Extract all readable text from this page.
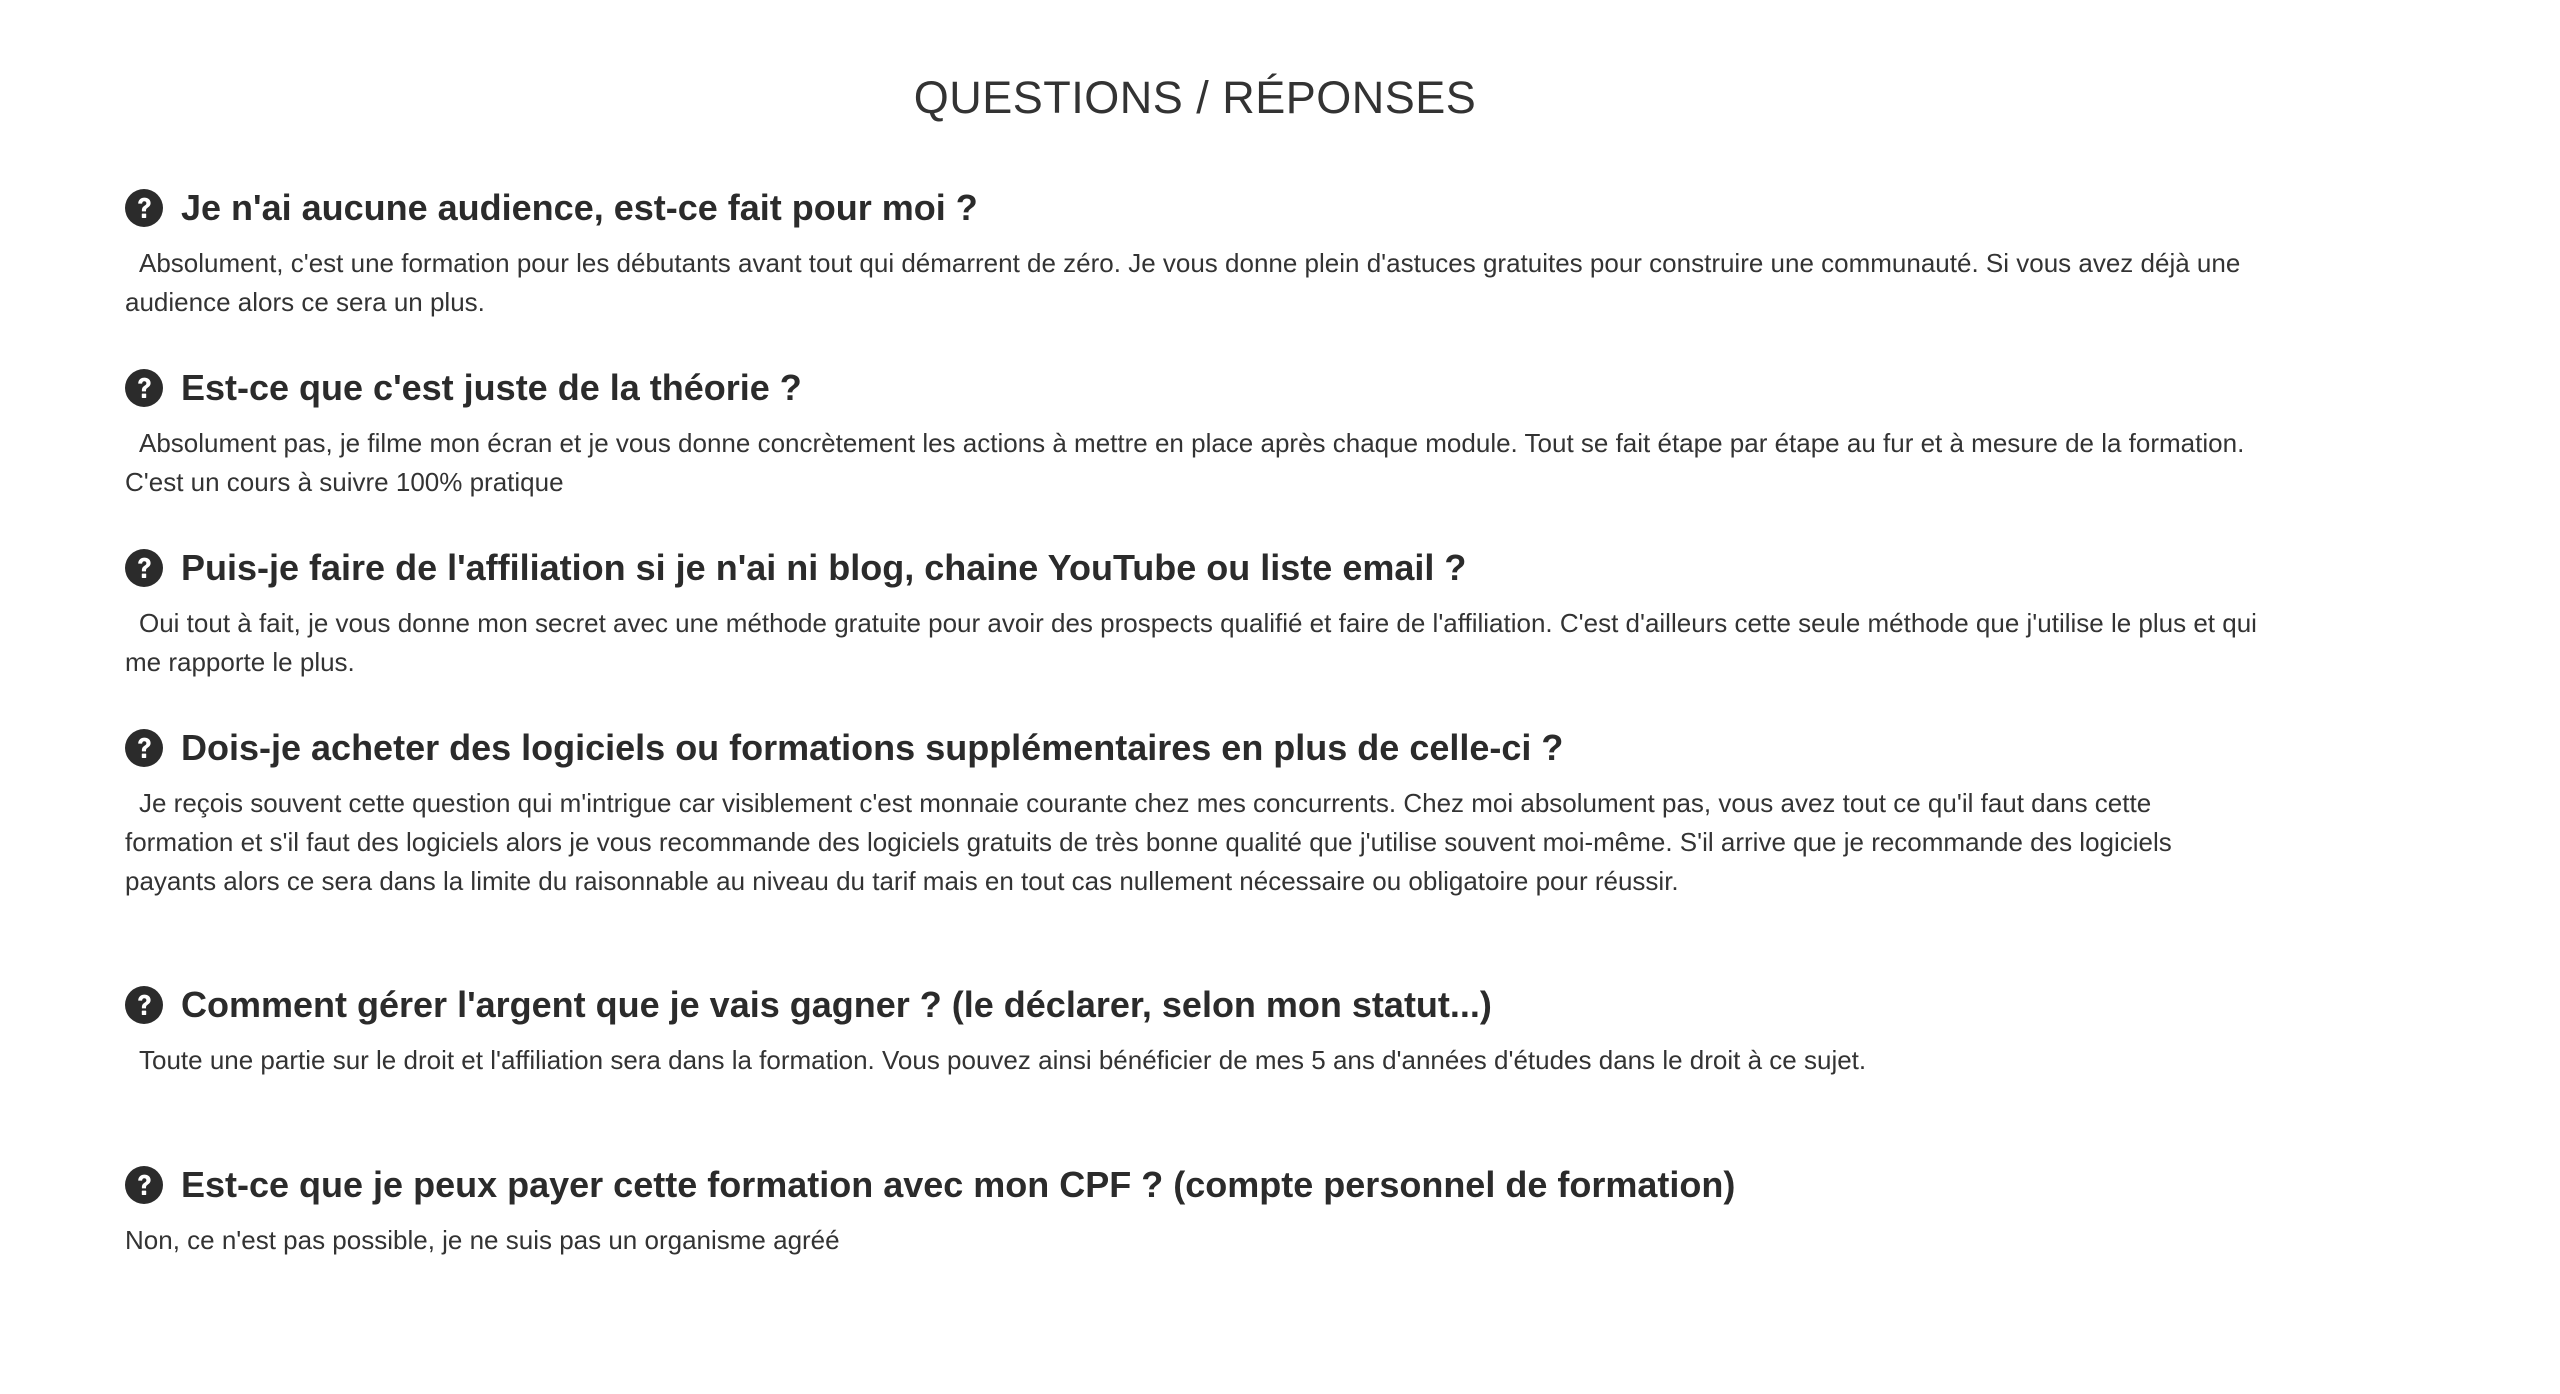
QUESTIONS / RÉPONSES
Je n'ai aucune audience, est-ce fait pour moi ?

Absolument, c'est une formation pour les débutants avant tout qui démarrent de zéro. Je vous donne plein d'astuces gratuites pour construire une communauté. Si vous avez déjà une audience alors ce sera un plus.

Est-ce que c'est juste de la théorie ?

Absolument pas, je filme mon écran et je vous donne concrètement les actions à mettre en place après chaque module. Tout se fait étape par étape au fur et à mesure de la formation. C'est un cours à suivre 100% pratique

Puis-je faire de l'affiliation si je n'ai ni blog, chaine YouTube ou liste email ?

Oui tout à fait, je vous donne mon secret avec une méthode gratuite pour avoir des prospects qualifié et faire de l'affiliation. C'est d'ailleurs cette seule méthode que j'utilise le plus et qui me rapporte le plus.

Dois-je acheter des logiciels ou formations supplémentaires en plus de celle-ci ?

Je reçois souvent cette question qui m'intrigue car visiblement c'est monnaie courante chez mes concurrents. Chez moi absolument pas, vous avez tout ce qu'il faut dans cette formation et s'il faut des logiciels alors je vous recommande des logiciels gratuits de très bonne qualité que j'utilise souvent moi-même. S'il arrive que je recommande des logiciels payants alors ce sera dans la limite du raisonnable au niveau du tarif mais en tout cas nullement nécessaire ou obligatoire pour réussir.

Comment gérer l'argent que je vais gagner ? (le déclarer, selon mon statut...)

Toute une partie sur le droit et l'affiliation sera dans la formation. Vous pouvez ainsi bénéficier de mes 5 ans d'années d'études dans le droit à ce sujet.

Est-ce que je peux payer cette formation avec mon CPF ? (compte personnel de formation)

Non, ce n'est pas possible, je ne suis pas un organisme agréé
